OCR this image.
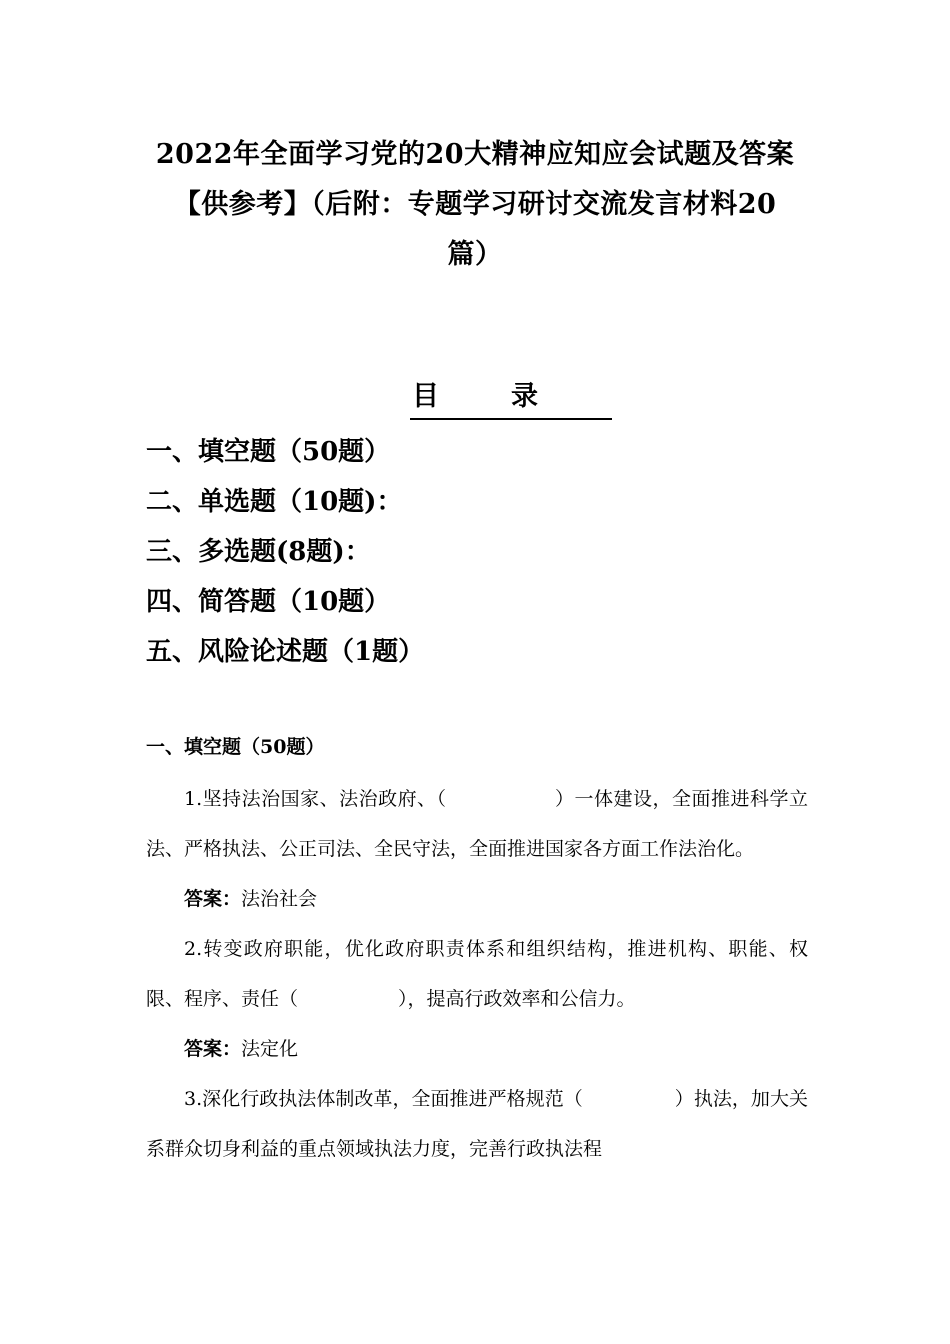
2022年全面学习党的20大精神应知应会试题及答案
【供参考】（后附：专题学习研讨交流发言材料20
篇）
目录
一、填空题（50题）
二、单选题（10题)：
三、多选题(8题)：
四、简答题（10题）
五、风险论述题（1题）
一、填空题（50题）

1.坚持法治国家、法治政府、（	）一体建设，全面推进科学立法、严格执法、公正司法、全民守法，全面推进国家各方面工作法治化。

答案：法治社会

2.转变政府职能，优化政府职责体系和组织结构，推进机构、职能、权限、程序、责任（	），提高行政效率和公信力。

答案：法定化

3.深化行政执法体制改革，全面推进严格规范（	）执法，加大关系群众切身利益的重点领域执法力度，完善行政执法程
